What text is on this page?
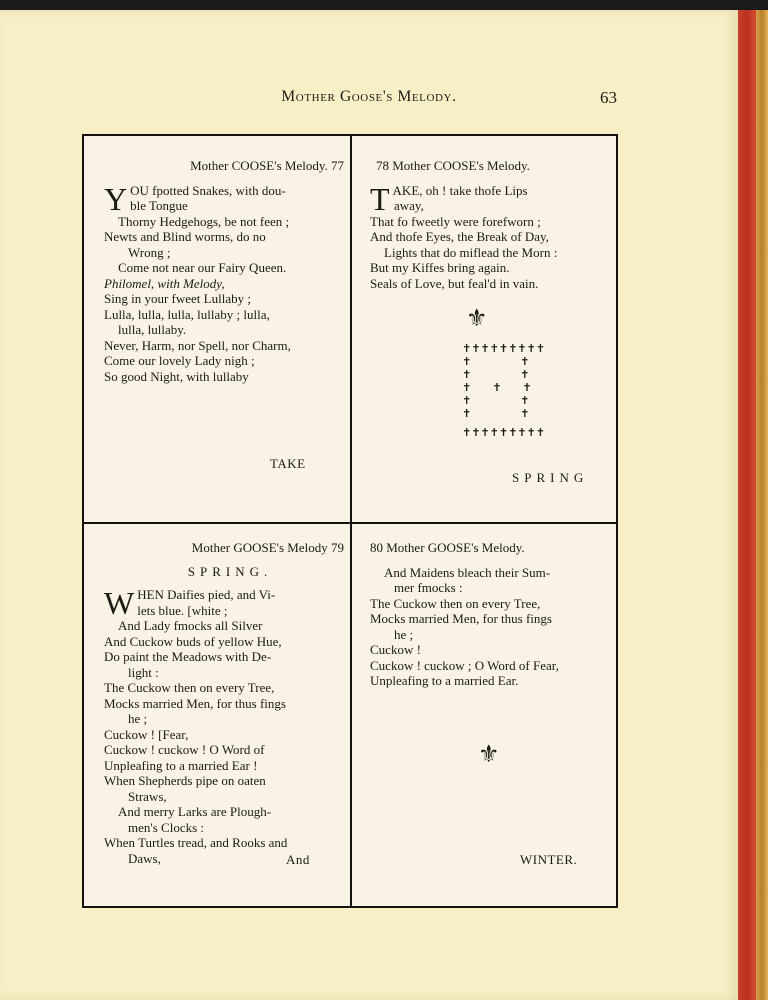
Mother Goose's Melody.	63
Mother COOSE's Melody. 77
Y OU fpotted Snakes, with dou-
ble Tongue
Thorny Hedgehogs, be not feen ;
Newts and Blind worms, do no
Wrong ;
Come not near our Fairy Queen.
Philomel, with Melody,
Sing in your fweet Lullaby ;
Lulla, lulla, lulla, lullaby ; lulla,
lulla, lullaby.
Never, Harm, nor Spell, nor Charm,
Come our lovely Lady nigh ;
So good Night, with lullaby
TAKE
78 Mother COOSE's Melody.
T AKE, oh ! take thofe Lips
away,
That fo fweetly were forefworn ;
And thofe Eyes, the Break of Day,
Lights that do miflead the Morn :
But my Kiffes bring again.
Seals of Love, but feal'd in vain.
⚜
✝✝✝✝✝✝✝✝✝
✝              ✝
✝              ✝
✝      ✝      ✝
✝              ✝
✝              ✝
✝✝✝✝✝✝✝✝✝
SPRING
Mother GOOSE's Melody 79
SPRING.
W HEN Daifies pied, and Vi-
lets blue. [white ;
And Lady fmocks all Silver
And Cuckow buds of yellow Hue,
Do paint the Meadows with De-
light :
The Cuckow then on every Tree,
Mocks married Men, for thus fings
he ;
Cuckow ! [Fear,
Cuckow ! cuckow ! O Word of
Unpleafing to a married Ear !
When Shepherds pipe on oaten
Straws,
And merry Larks are Plough-
men's Clocks :
When Turtles tread, and Rooks and
Daws,	And
80 Mother GOOSE's Melody.
And Maidens bleach their Sum-
mer fmocks :
The Cuckow then on every Tree,
Mocks married Men, for thus fings
he ;
Cuckow !
Cuckow ! cuckow ; O Word of Fear,
Unpleafing to a married Ear.
⚜
WINTER.
